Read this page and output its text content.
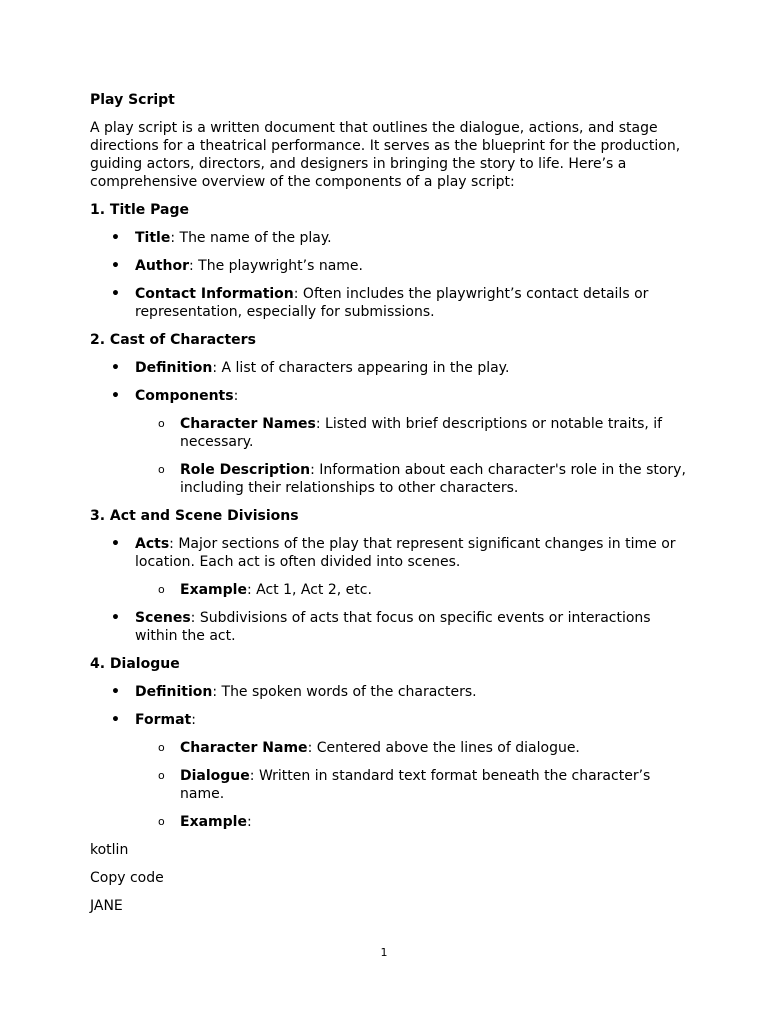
Play Script
A play script is a written document that outlines the dialogue, actions, and stage directions for a theatrical performance. It serves as the blueprint for the production, guiding actors, directors, and designers in bringing the story to life. Here’s a comprehensive overview of the components of a play script:
1. Title Page
• Title: The name of the play.
• Author: The playwright’s name.
• Contact Information: Often includes the playwright’s contact details or representation, especially for submissions.
2. Cast of Characters
• Definition: A list of characters appearing in the play.
• Components:
o Character Names: Listed with brief descriptions or notable traits, if necessary.
o Role Description: Information about each character's role in the story, including their relationships to other characters.
3. Act and Scene Divisions
• Acts: Major sections of the play that represent significant changes in time or location. Each act is often divided into scenes.
o Example: Act 1, Act 2, etc.
• Scenes: Subdivisions of acts that focus on specific events or interactions within the act.
4. Dialogue
• Definition: The spoken words of the characters.
• Format:
o Character Name: Centered above the lines of dialogue.
o Dialogue: Written in standard text format beneath the character’s name.
o Example:
kotlin
Copy code
JANE
1
